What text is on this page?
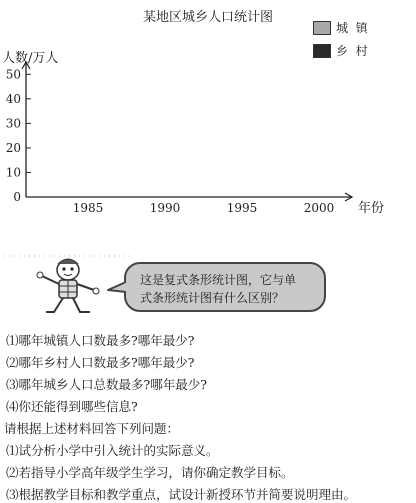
某地区城乡人口统计图
城  镇
乡  村
人数/万人
年份
0
10
20
30
40
50
1985	1990	1995	2000
这是复式条形统计图，它与单
式条形统计图有什么区别？
⑴哪年城镇人口数最多?哪年最少?
⑵哪年乡村人口数最多?哪年最少?
⑶哪年城乡人口总数最多?哪年最少?
⑷你还能得到哪些信息?
请根据上述材料回答下列问题：
⑴试分析小学中引入统计的实际意义。
⑵若指导小学高年级学生学习，请你确定教学目标。
⑶根据教学目标和教学重点，试设计新授环节并简要说明理由。
